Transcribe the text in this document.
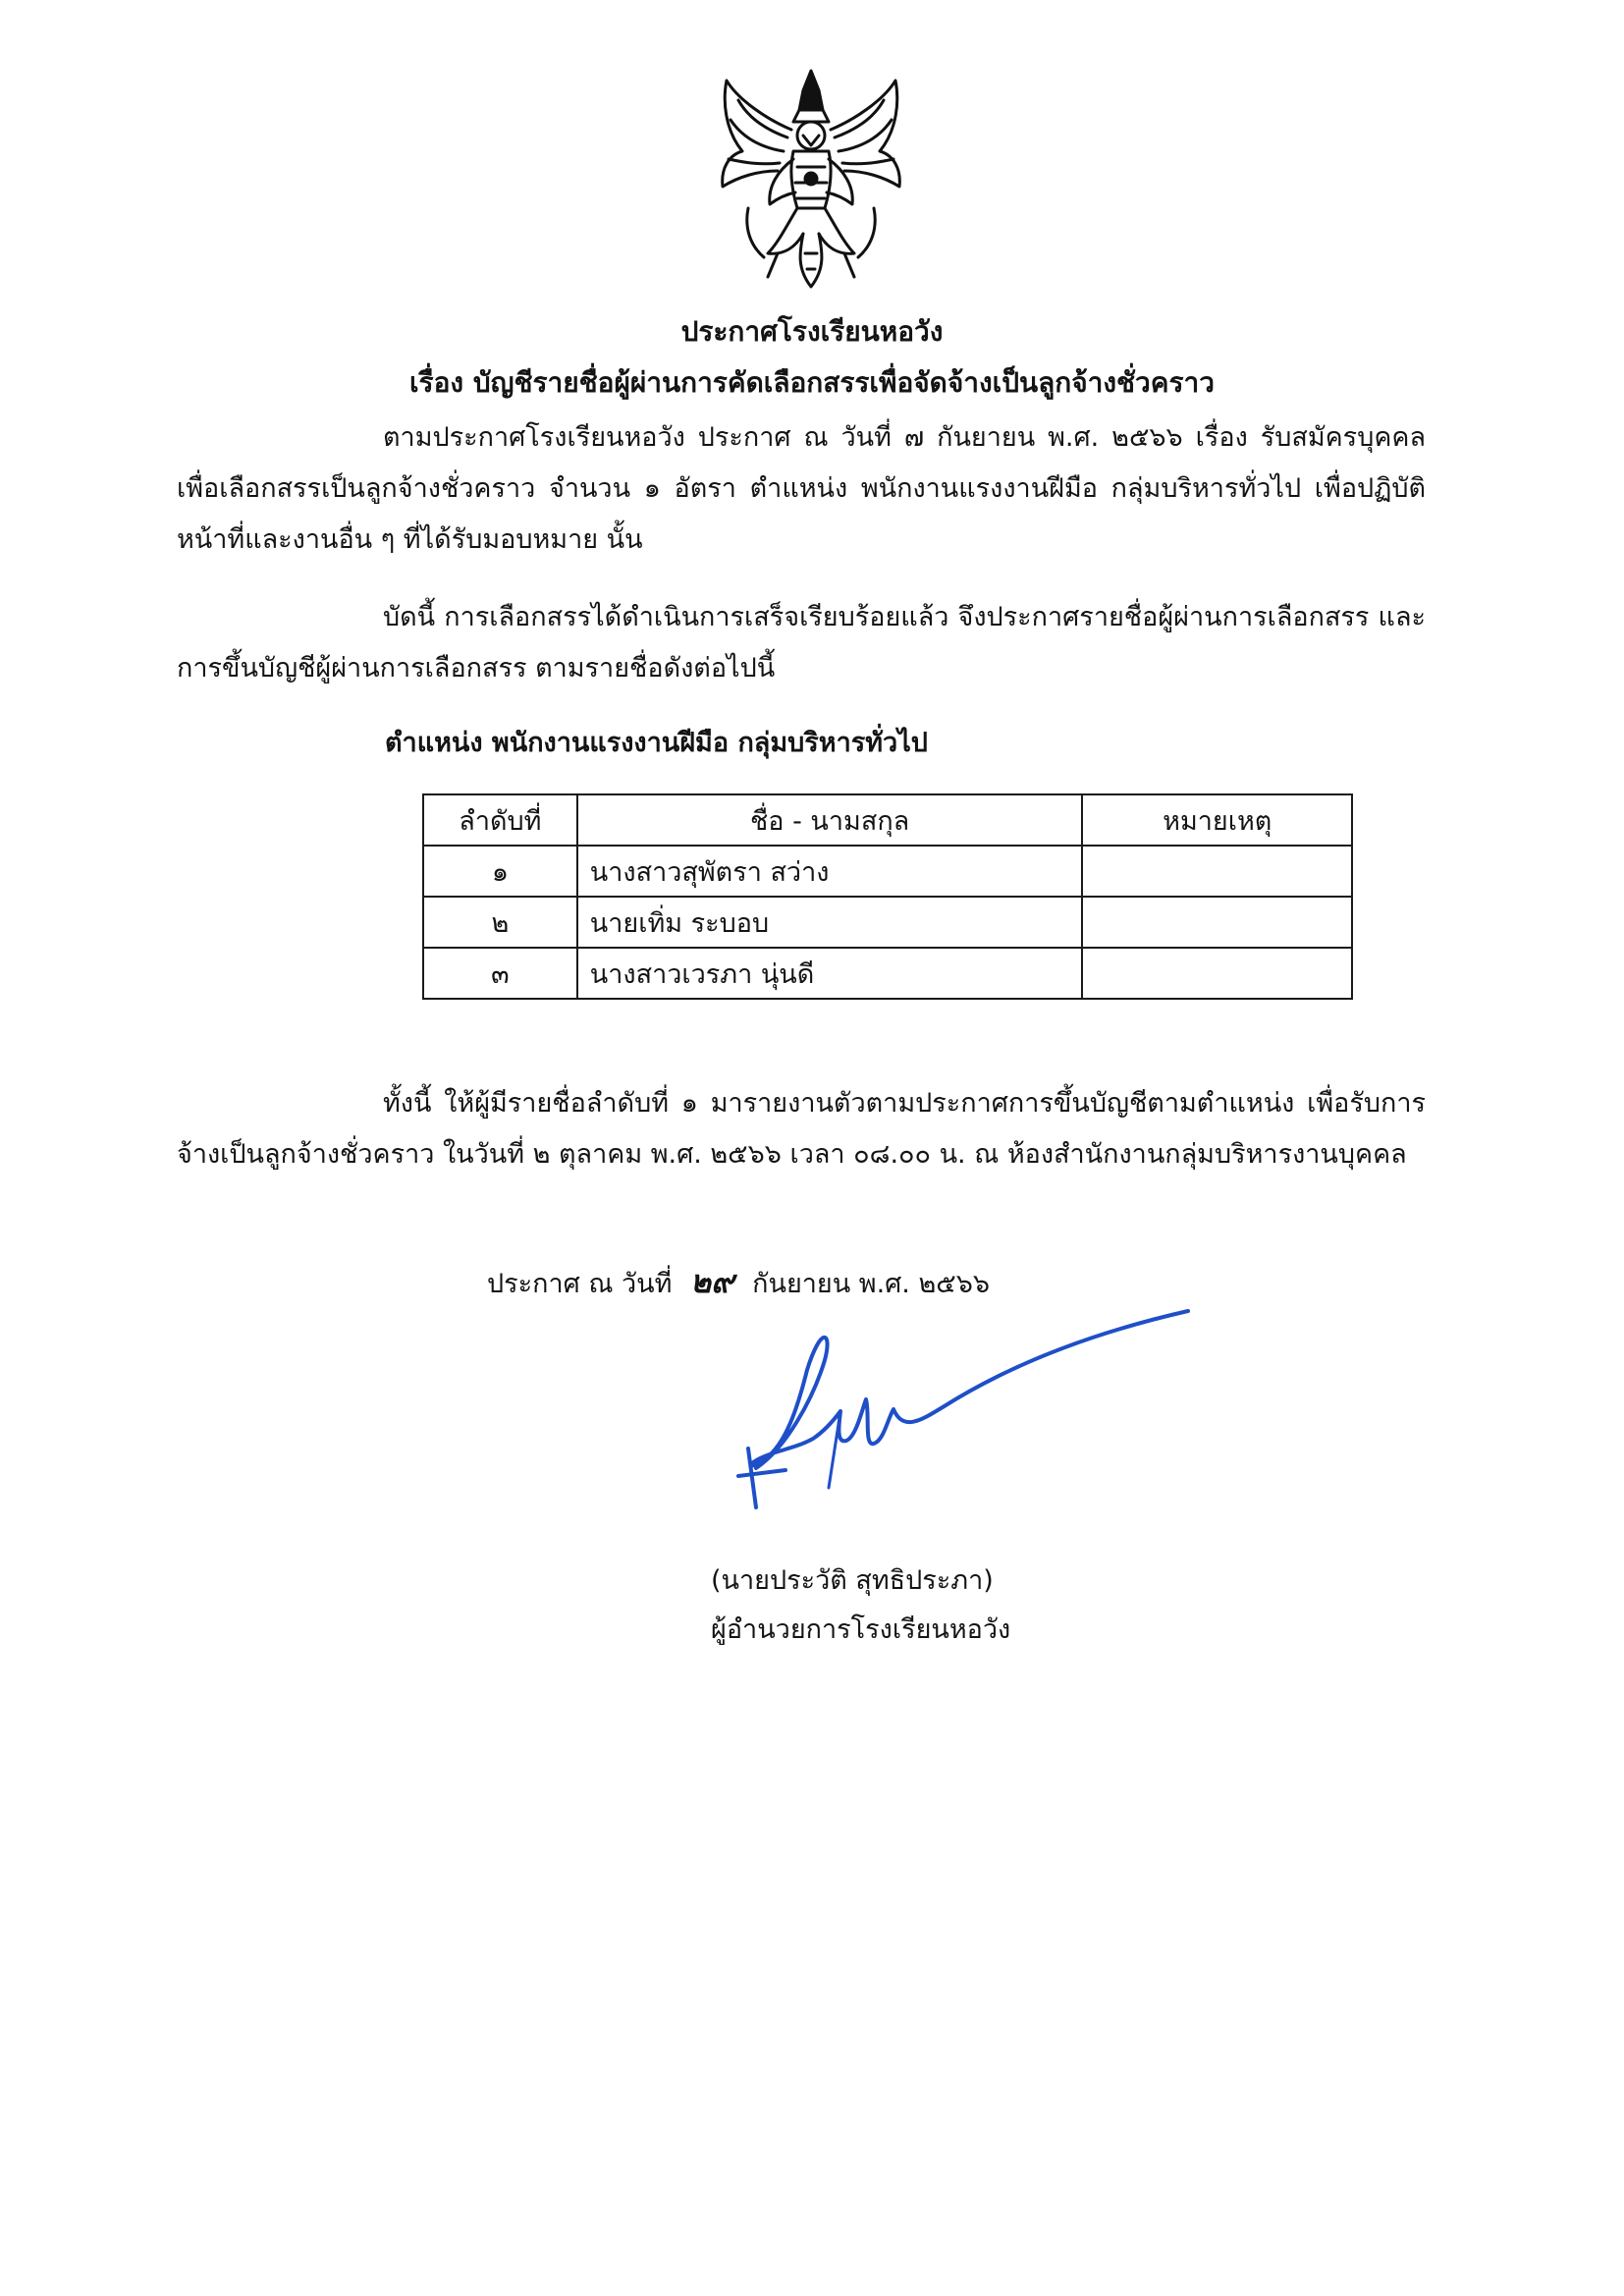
ประกาศโรงเรียนหอวัง
เรื่อง บัญชีรายชื่อผู้ผ่านการคัดเลือกสรรเพื่อจัดจ้างเป็นลูกจ้างชั่วคราว

ตามประกาศโรงเรียนหอวัง ประกาศ ณ วันที่ ๗ กันยายน พ.ศ. ๒๕๖๖ เรื่อง รับสมัครบุคคลเพื่อเลือกสรรเป็นลูกจ้างชั่วคราว จำนวน ๑ อัตรา ตำแหน่ง พนักงานแรงงานฝีมือ กลุ่มบริหารทั่วไป เพื่อปฏิบัติหน้าที่และงานอื่น ๆ ที่ได้รับมอบหมาย นั้น

บัดนี้ การเลือกสรรได้ดำเนินการเสร็จเรียบร้อยแล้ว จึงประกาศรายชื่อผู้ผ่านการเลือกสรร และการขึ้นบัญชีผู้ผ่านการเลือกสรร ตามรายชื่อดังต่อไปนี้

ตำแหน่ง พนักงานแรงงานฝีมือ กลุ่มบริหารทั่วไป
ลำดับที่	ชื่อ - นามสกุล	หมายเหตุ
๑	นางสาวสุพัตรา สว่าง	
๒	นายเทิ่ม ระบอบ	
๓	นางสาวเวรภา นุ่นดี	

ทั้งนี้ ให้ผู้มีรายชื่อลำดับที่ ๑ มารายงานตัวตามประกาศการขึ้นบัญชีตามตำแหน่ง เพื่อรับการจ้างเป็นลูกจ้างชั่วคราว ในวันที่ ๒ ตุลาคม พ.ศ. ๒๕๖๖ เวลา ๐๘.๐๐ น. ณ ห้องสำนักงานกลุ่มบริหารงานบุคคล

ประกาศ ณ วันที่ ๒๙ กันยายน พ.ศ. ๒๕๖๖
(นายประวัติ สุทธิประภา)
ผู้อำนวยการโรงเรียนหอวัง
